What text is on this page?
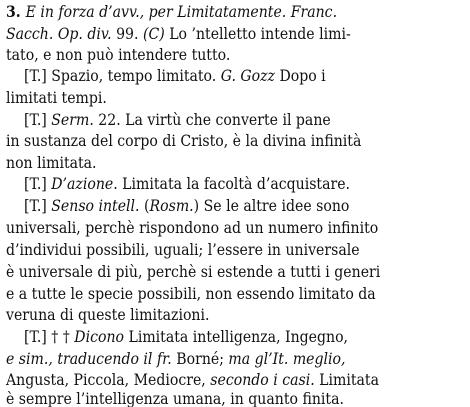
3. E in forza d’avv., per Limitatamente. Franc.
Sacch. Op. div. 99. (C) Lo ’ntelletto intende limi-
tato, e non può intendere tutto.
[T.] Spazio, tempo limitato. G. Gozz Dopo i
limitati tempi.
[T.] Serm. 22. La virtù che converte il pane
in sustanza del corpo di Cristo, è la divina infinità
non limitata.
[T.] D’azione. Limitata la facoltà d’acquistare.
[T.] Senso intell. (Rosm.) Se le altre idee sono
universali, perchè rispondono ad un numero infinito
d’individui possibili, uguali; l’essere in universale
è universale di più, perchè si estende a tutti i generi
e a tutte le specie possibili, non essendo limitato da
veruna di queste limitazioni.
[T.] † † Dicono Limitata intelligenza, Ingegno,
e sim., traducendo il fr. Borné; ma gl’It. meglio,
Angusta, Piccola, Mediocre, secondo i casi. Limitata
è sempre l’intelligenza umana, in quanto finita.
